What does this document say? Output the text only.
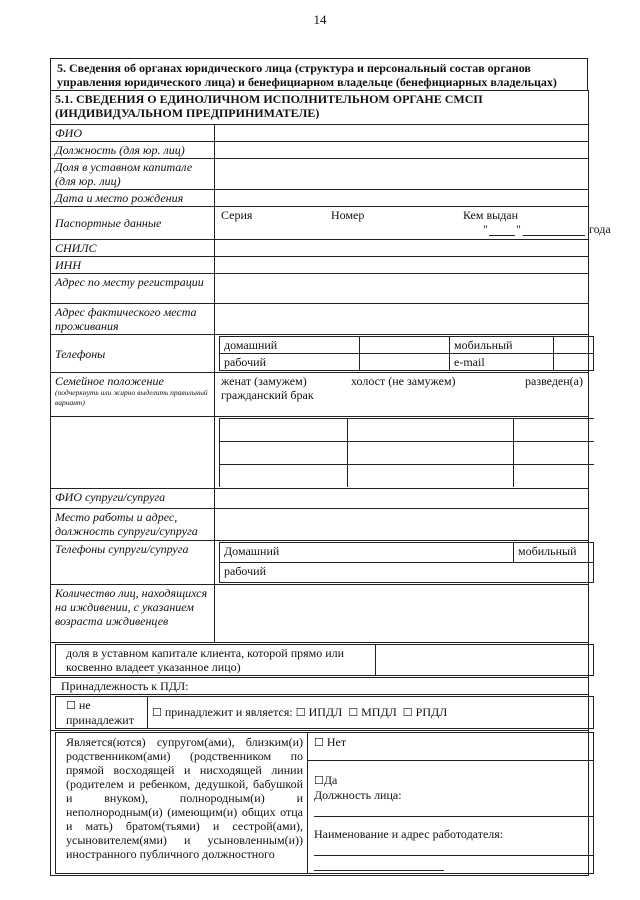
14
5. Сведения об органах юридического лица (структура и персональный состав органов управления юридического лица) и бенефициарном владельце (бенефициарных владельцах)
5.1. СВЕДЕНИЯ О ЕДИНОЛИЧНОМ ИСПОЛНИТЕЛЬНОМ ОРГАНЕ СМСП (ИНДИВИДУАЛЬНОМ ПРЕДПРИНИМАТЕЛЕ)
ФИО	
Должность (для юр. лиц)	
Доля в уставном капитале (для юр. лиц)	
Дата и место рождения	
Паспортные данные	
Серия	Номер	Кем выдан
" "	года

СНИЛС	
ИНН	
Адрес по месту регистрации	
Адрес фактического места проживания	
Телефоны	
домашний		мобильный	
рабочий		e-mail	

Семейное положение
(подчеркнуть или жирно выделить правильный вариант)

женат (замужем)	холост (не замужем)	разведен(а)
гражданский брак

ФИО супруги/супруга	
Место работы и адрес, должность супруги/супруга	
Телефоны супруги/супруга		Домашний	мобильный
рабочий

Количество лиц, находящихся на иждивении, с указанием возраста иждивенцев	

доля в уставном капитале клиента, которой прямо или косвенно владеет указанное лицо)	

Принадлежность к ПДЛ:

☐ не принадлежит	☐ принадлежит и является: ☐ ИПДЛ ☐ МПДЛ ☐ РПДЛ

Является(ются) супругом(ами), близким(и) родственником(ами) (родственником по прямой восходящей и нисходящей линии (родителем и ребенком, дедушкой, бабушкой и внуком), полнородным(и) и неполнородным(и) (имеющим(и) общих отца и мать) братом(тьями) и сестрой(ами), усыновителем(ями) и усыновленным(и)) иностранного публичного должностного	
☐ Нет
☐Да
Должность лица:
Наименование и адрес работодателя:
